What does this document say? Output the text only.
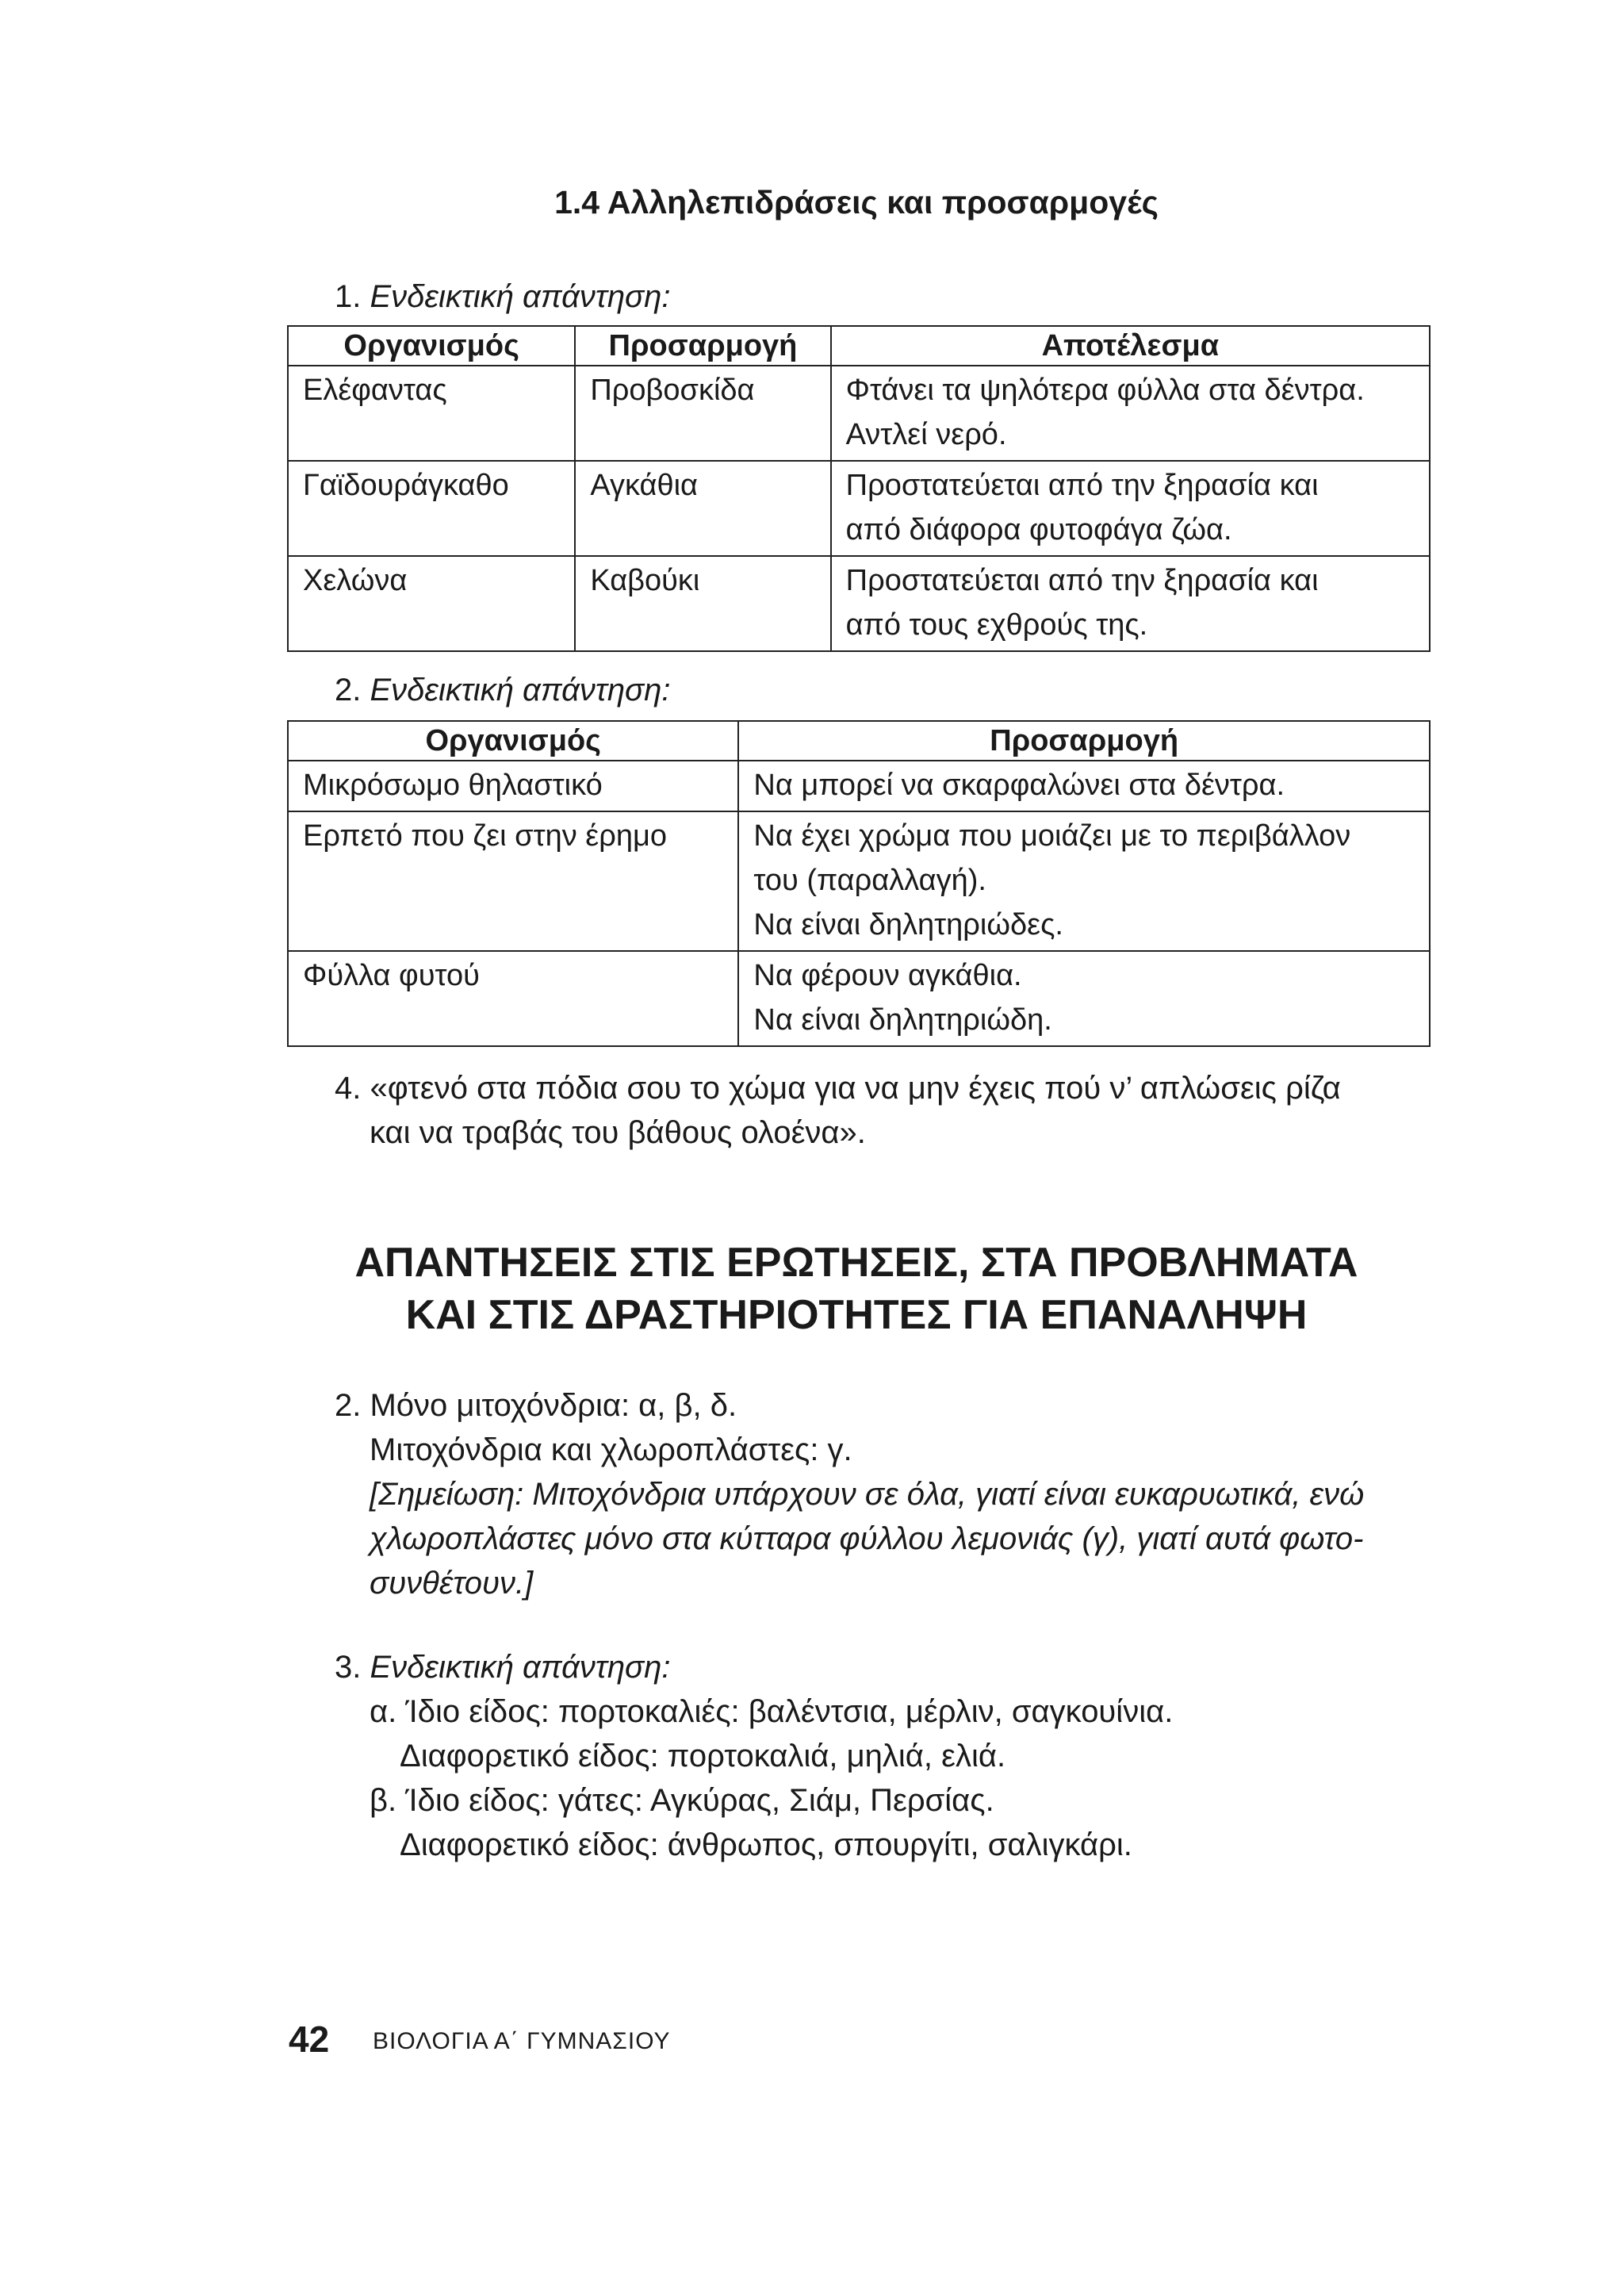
1.4 Αλληλεπιδράσεις και προσαρμογές
1. Ενδεικτική απάντηση:
Οργανισμός	Προσαρμογή	Αποτέλεσμα
Ελέφαντας	Προβοσκίδα	Φτάνει τα ψηλότερα φύλλα στα δέντρα.
Αντλεί νερό.

Γαϊδουράγκαθο	Αγκάθια	Προστατεύεται από την ξηρασία και
από διάφορα φυτοφάγα ζώα.

Χελώνα	Καβούκι	Προστατεύεται από την ξηρασία και
από τους εχθρούς της.
2. Ενδεικτική απάντηση:
Οργανισμός	Προσαρμογή
Μικρόσωμο θηλαστικό	Να μπορεί να σκαρφαλώνει στα δέντρα.

Ερπετό που ζει στην έρημο	Να έχει χρώμα που μοιάζει με το περιβάλλον
του (παραλλαγή).
Να είναι δηλητηριώδες.

Φύλλα φυτού	Να φέρουν αγκάθια.
Να είναι δηλητηριώδη.
4. «φτενό στα πόδια σου το χώμα για να μην έχεις πού ν’ απλώσεις ρίζα
και να τραβάς του βάθους ολοένα».
ΑΠΑΝΤΗΣΕΙΣ ΣΤΙΣ ΕΡΩΤΗΣΕΙΣ, ΣΤΑ ΠΡΟΒΛΗΜΑΤΑ
ΚΑΙ ΣΤΙΣ ΔΡΑΣΤΗΡΙΟΤΗΤΕΣ ΓΙΑ ΕΠΑΝΑΛΗΨΗ
2. Μόνο μιτοχόνδρια: α, β, δ.
Μιτοχόνδρια και χλωροπλάστες: γ.
[Σημείωση: Μιτοχόνδρια υπάρχουν σε όλα, γιατί είναι ευκαρυωτικά, ενώ
χλωροπλάστες μόνο στα κύτταρα φύλλου λεμονιάς (γ), γιατί αυτά φωτο-
συνθέτουν.]
3. Ενδεικτική απάντηση:
α. Ίδιο είδος: πορτοκαλιές: βαλέντσια, μέρλιν, σαγκουίνια.
Διαφορετικό είδος: πορτοκαλιά, μηλιά, ελιά.
β. Ίδιο είδος: γάτες: Αγκύρας, Σιάμ, Περσίας.
Διαφορετικό είδος: άνθρωπος, σπουργίτι, σαλιγκάρι.
42 ΒΙΟΛΟΓΙΑ Α΄ ΓΥΜΝΑΣΙΟΥ
